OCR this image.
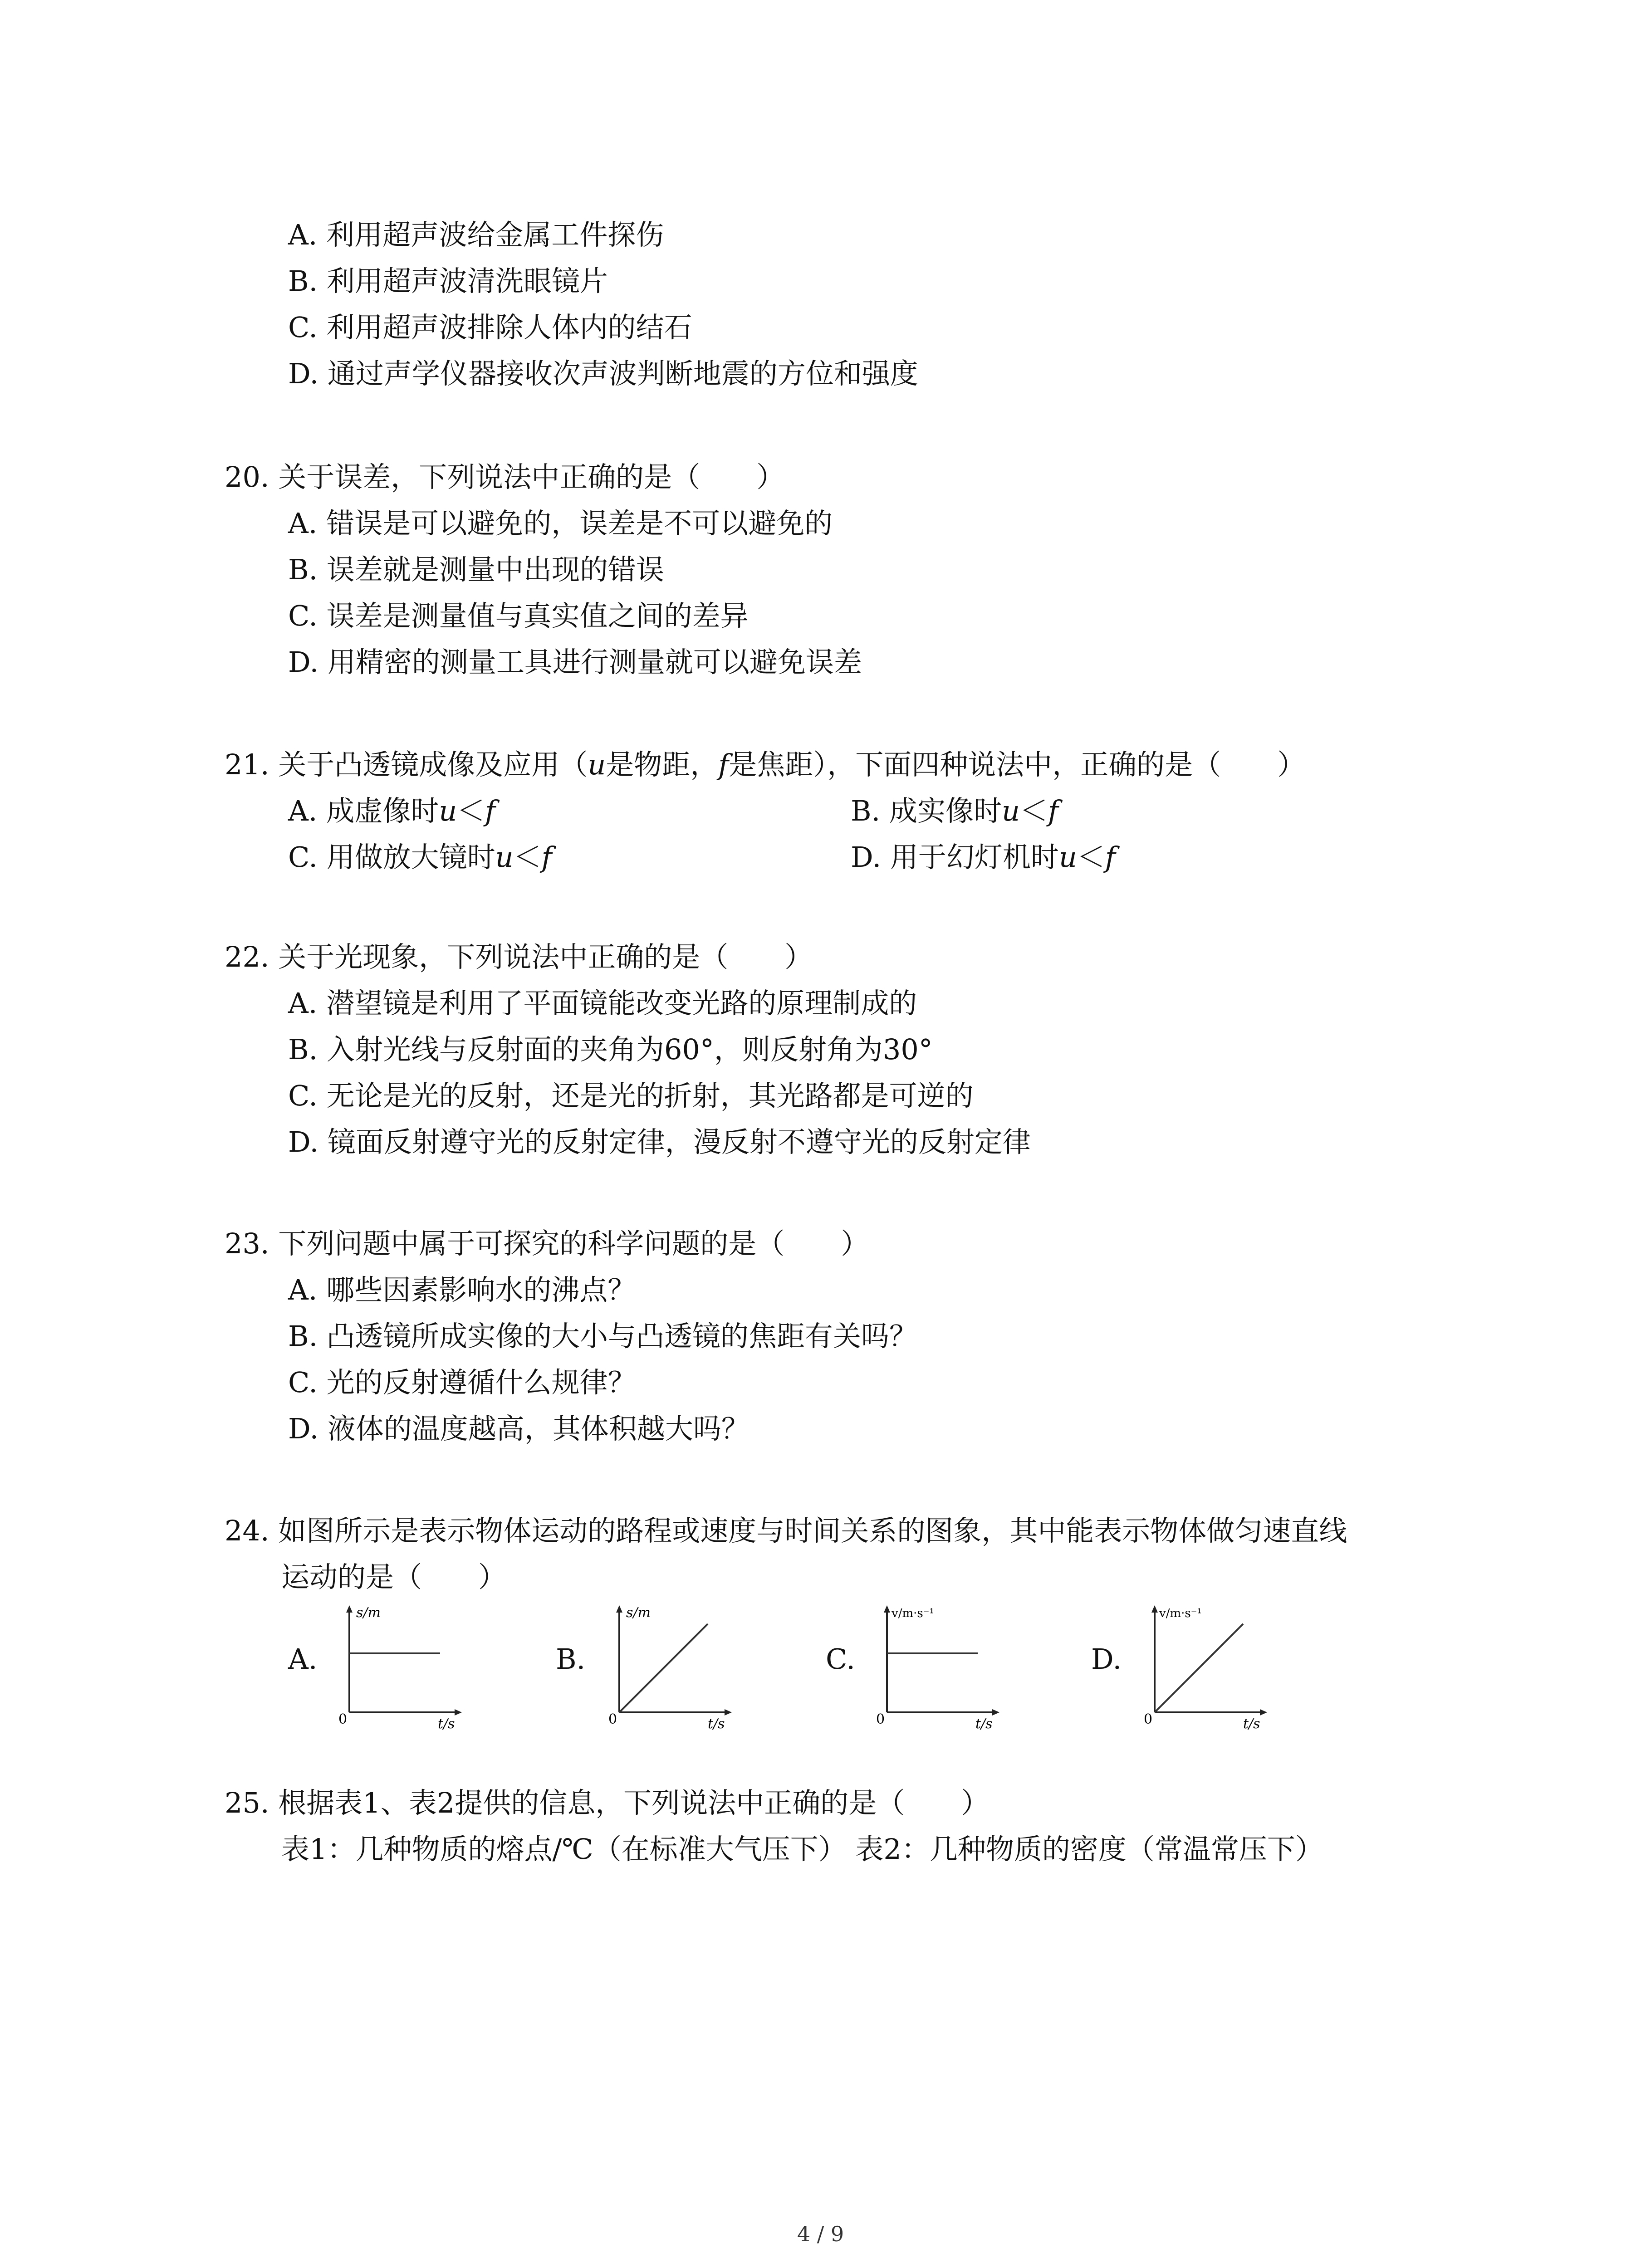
A. 利用超声波给金属工件探伤
B. 利用超声波清洗眼镜片
C. 利用超声波排除人体内的结石
D. 通过声学仪器接收次声波判断地震的方位和强度
20. 关于误差，下列说法中正确的是（　　）
A. 错误是可以避免的，误差是不可以避免的
B. 误差就是测量中出现的错误
C. 误差是测量值与真实值之间的差异
D. 用精密的测量工具进行测量就可以避免误差
21. 关于凸透镜成像及应用（u是物距，f是焦距），下面四种说法中，正确的是（　　）
A. 成虚像时u＜f	B. 成实像时u＜f
C. 用做放大镜时u＜f	D. 用于幻灯机时u＜f
22. 关于光现象，下列说法中正确的是（　　）
A. 潜望镜是利用了平面镜能改变光路的原理制成的
B. 入射光线与反射面的夹角为60°，则反射角为30°
C. 无论是光的反射，还是光的折射，其光路都是可逆的
D. 镜面反射遵守光的反射定律，漫反射不遵守光的反射定律
23. 下列问题中属于可探究的科学问题的是（　　）
A. 哪些因素影响水的沸点？
B. 凸透镜所成实像的大小与凸透镜的焦距有关吗？
C. 光的反射遵循什么规律？
D. 液体的温度越高，其体积越大吗？
24. 如图所示是表示物体运动的路程或速度与时间关系的图象，其中能表示物体做匀速直线
运动的是（　　）
A.
s/m
t/s
0
B.
s/m
t/s
0
C.
v/m·s⁻¹
t/s
0
D.
v/m·s⁻¹
t/s
0
25. 根据表1、表2提供的信息，下列说法中正确的是（　　）
表1：几种物质的熔点/℃（在标准大气压下） 表2：几种物质的密度（常温常压下）
4 / 9
